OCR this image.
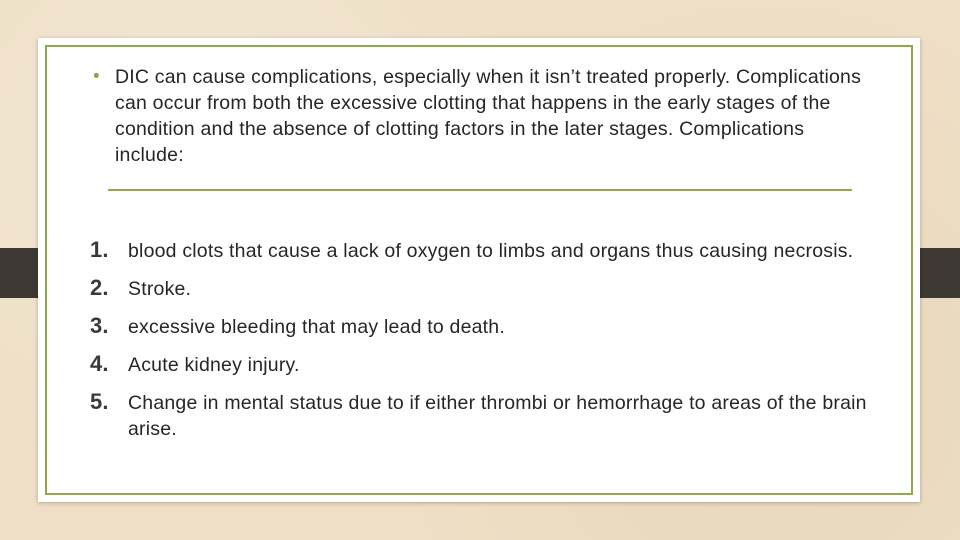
• DIC can cause complications, especially when it isn’t treated properly. Complications can occur from both the excessive clotting that happens in the early stages of the condition and the absence of clotting factors in the later stages. Complications include:
1. blood clots that cause a lack of oxygen to limbs and organs thus causing necrosis.
2. Stroke.
3. excessive bleeding that may lead to death.
4. Acute kidney injury.
5. Change in mental status due to if either thrombi or hemorrhage to areas of the brain arise.
